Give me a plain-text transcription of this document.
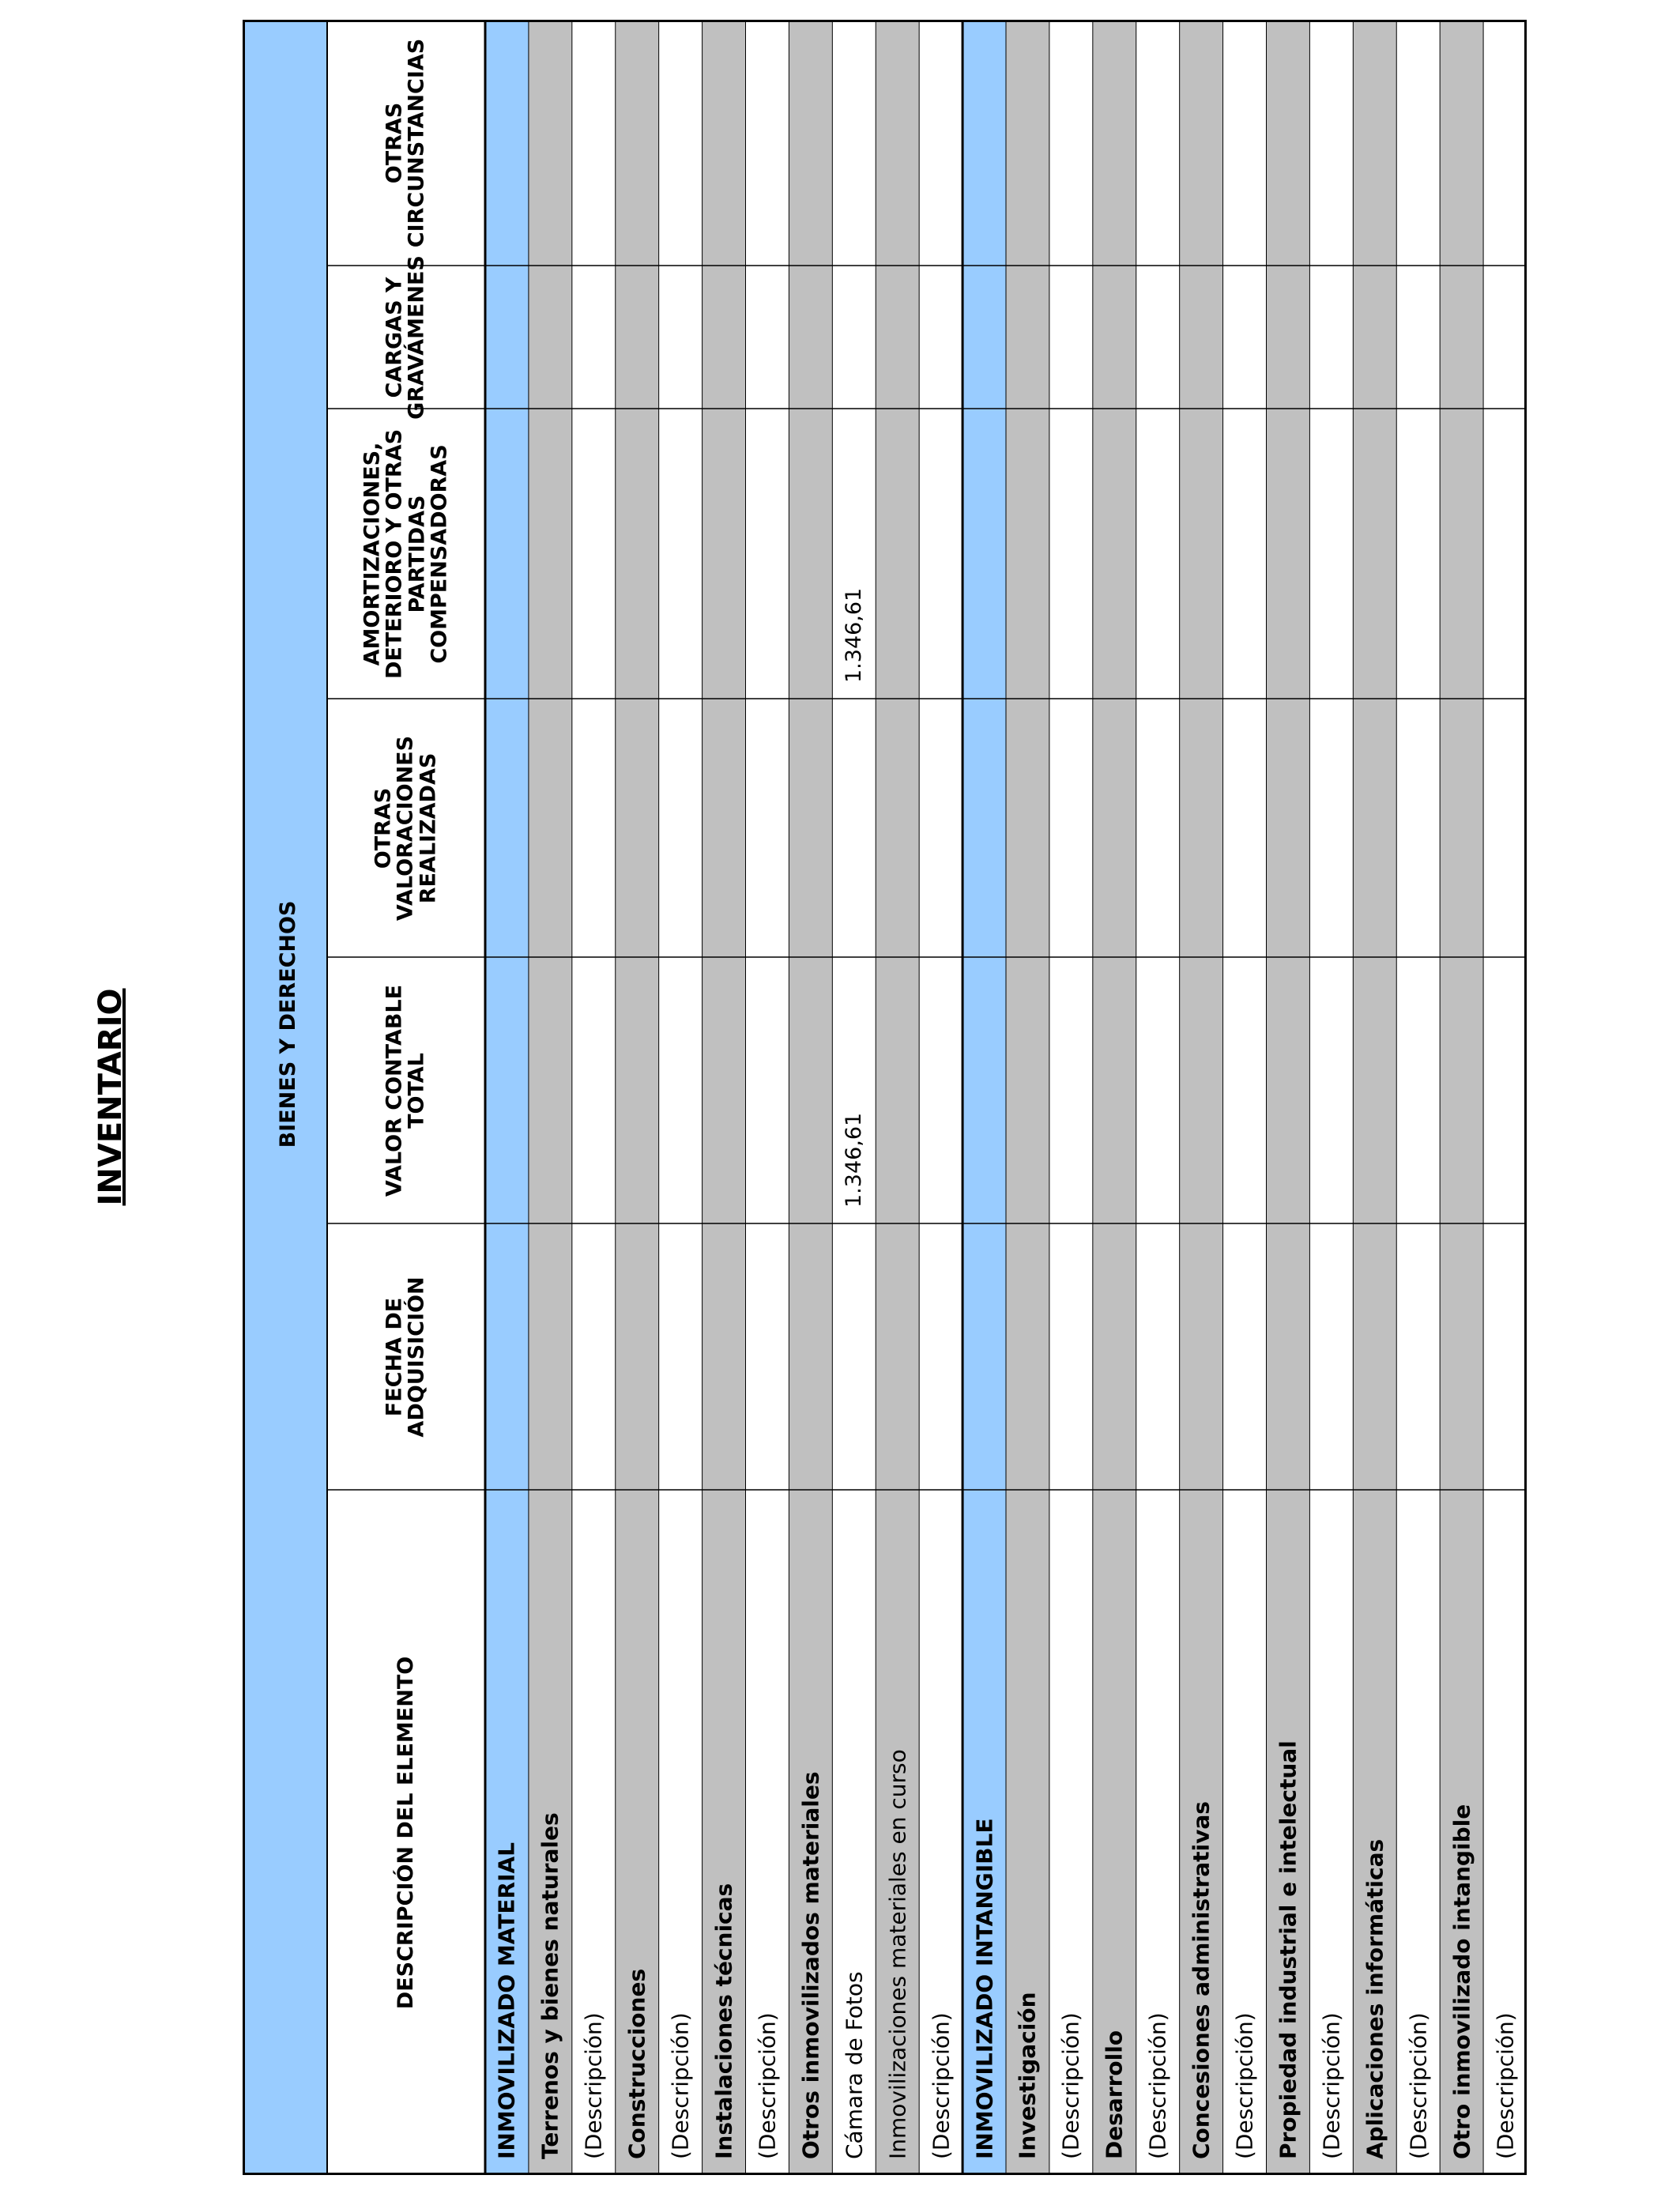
INVENTARIO	BIENES Y DERECHOS
DESCRIPCIÓN DEL ELEMENTO
FECHA DE
ADQUISICIÓN
VALOR CONTABLE
TOTAL
OTRAS
VALORACIONES
REALIZADAS
AMORTIZACIONES,
DETERIORO Y OTRAS
PARTIDAS
COMPENSADORAS
CARGAS Y
GRAVÁMENES
OTRAS
CIRCUNSTANCIAS
INMOVILIZADO MATERIAL Terrenos y bienes naturales (Descripción) Construcciones (Descripción) Instalaciones técnicas (Descripción) Otros inmovilizados materiales Cámara de Fotos
1.346,61
1.346,61
Inmovilizaciones materiales en curso (Descripción) INMOVILIZADO INTANGIBLE Investigación (Descripción) Desarrollo (Descripción) Concesiones administrativas (Descripción) Propiedad industrial e intelectual (Descripción) Aplicaciones informáticas (Descripción) Otro inmovilizado intangible (Descripción)
